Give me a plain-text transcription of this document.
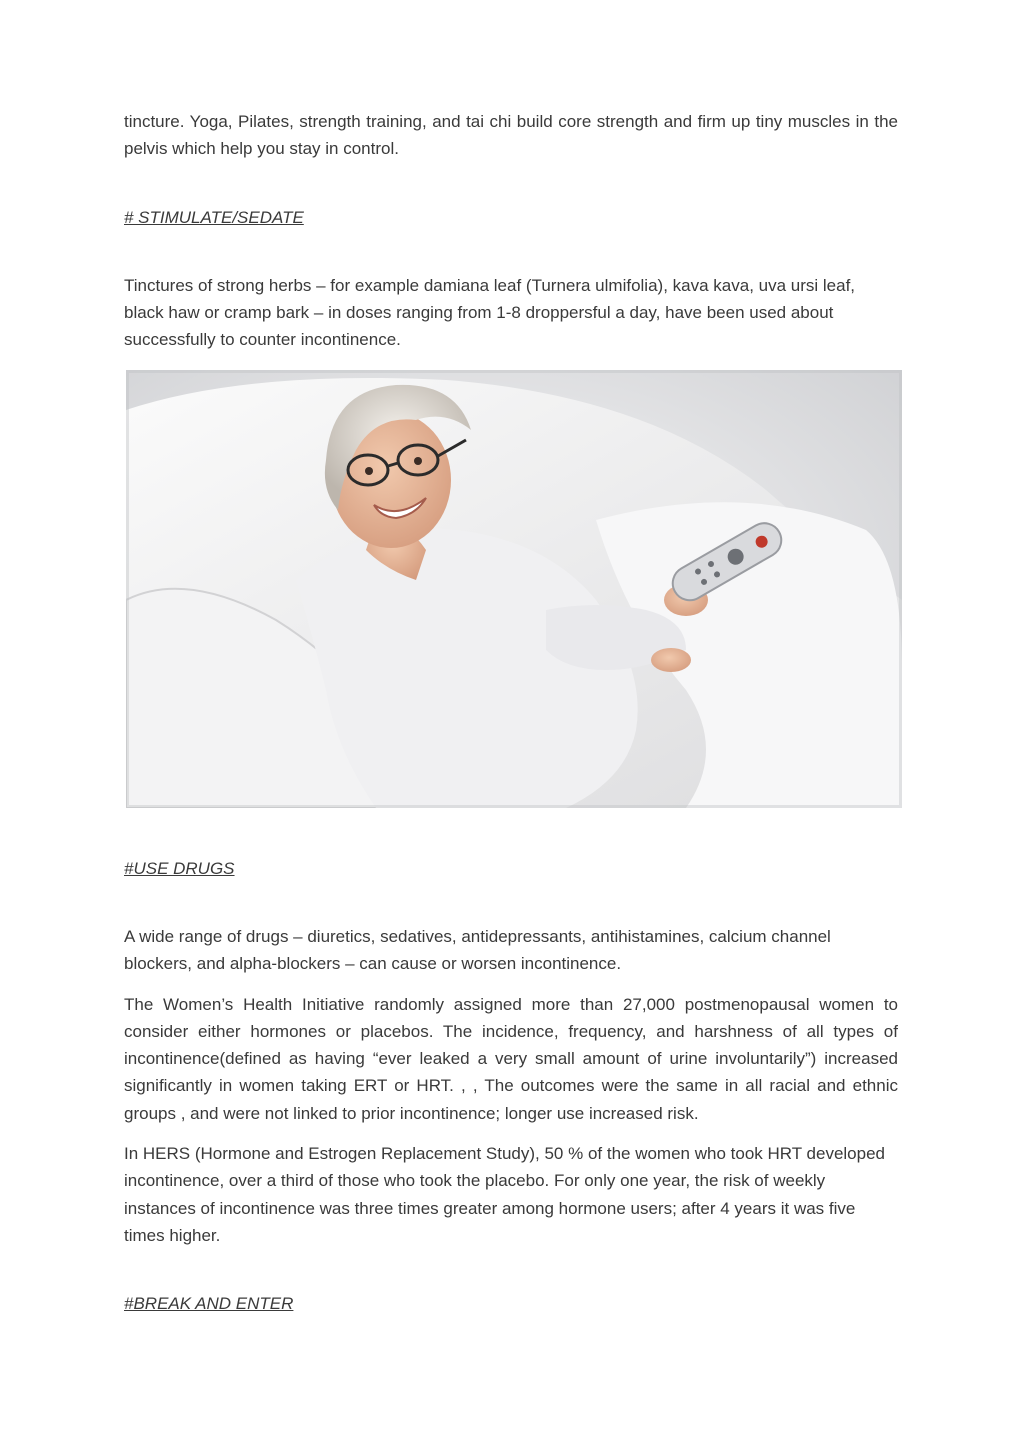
tincture. Yoga, Pilates, strength training, and tai chi build core strength and firm up tiny muscles in the pelvis which help you stay in control.

# STIMULATE/SEDATE

Tinctures of strong herbs – for example damiana leaf (Turnera ulmifolia), kava kava, uva ursi leaf, black haw or cramp bark – in doses ranging from 1-8 droppersful a day, have been used about successfully to counter incontinence.

#USE DRUGS

A wide range of drugs – diuretics, sedatives, antidepressants, antihistamines, calcium channel blockers, and alpha-blockers – can cause or worsen incontinence.

The Women’s Health Initiative randomly assigned more than 27,000 postmenopausal women to consider either hormones or placebos. The incidence, frequency, and harshness of all types of incontinence(defined as having “ever leaked a very small amount of urine involuntarily”) increased significantly in women taking ERT or HRT. , , The outcomes were the same in all racial and ethnic groups , and were not linked to prior incontinence; longer use increased risk.

In HERS (Hormone and Estrogen Replacement Study), 50 % of the women who took HRT developed incontinence, over a third of those who took the placebo. For only one year, the risk of weekly instances of incontinence was three times greater among hormone users; after 4 years it was five times higher.

#BREAK AND ENTER
